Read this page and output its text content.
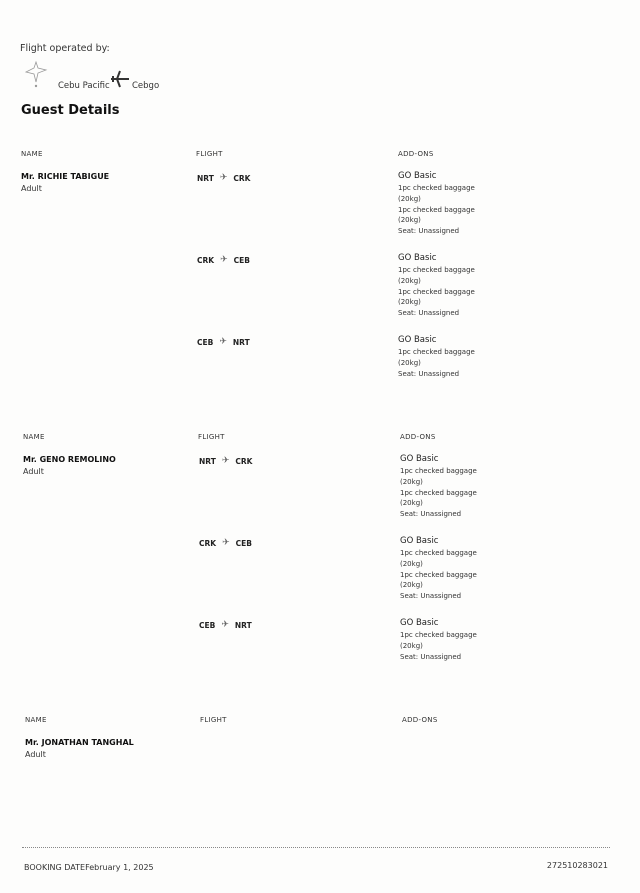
Flight operated by:
Cebu Pacific	Cebgo
Guest Details
NAME	FLIGHT	ADD-ONS
Mr. RICHIE TABIGUE
Adult
NRT ✈ CRK	GO Basic
1pc checked baggage (20kg)
1pc checked baggage (20kg)
Seat: Unassigned
CRK ✈ CEB	GO Basic
1pc checked baggage (20kg)
1pc checked baggage (20kg)
Seat: Unassigned
CEB ✈ NRT	GO Basic
1pc checked baggage (20kg)
Seat: Unassigned
NAME	FLIGHT	ADD-ONS
Mr. GENO REMOLINO
Adult
NRT ✈ CRK	GO Basic
1pc checked baggage (20kg)
1pc checked baggage (20kg)
Seat: Unassigned
CRK ✈ CEB	GO Basic
1pc checked baggage (20kg)
1pc checked baggage (20kg)
Seat: Unassigned
CEB ✈ NRT	GO Basic
1pc checked baggage (20kg)
Seat: Unassigned
NAME	FLIGHT	ADD-ONS
Mr. JONATHAN TANGHAL
Adult
BOOKING DATEFebruary 1, 2025	272510283021
